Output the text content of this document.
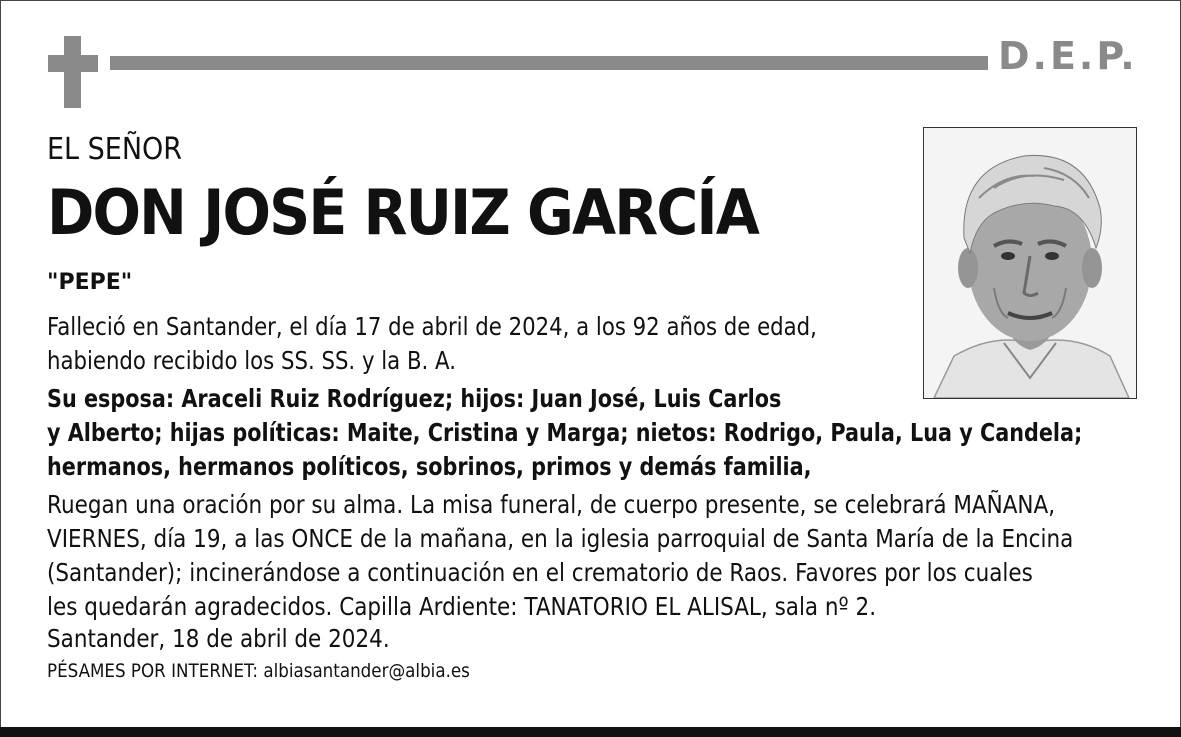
D.E.P.
EL SEÑOR
DON JOSÉ RUIZ GARCÍA
"PEPE"
Falleció en Santander, el día 17 de abril de 2024, a los 92 años de edad,
habiendo recibido los SS. SS. y la B. A.
Su esposa: Araceli Ruiz Rodríguez; hijos: Juan José, Luis Carlos
y Alberto; hijas políticas: Maite, Cristina y Marga; nietos: Rodrigo, Paula, Lua y Candela;
hermanos, hermanos políticos, sobrinos, primos y demás familia,
Ruegan una oración por su alma. La misa funeral, de cuerpo presente, se celebrará MAÑANA,
VIERNES, día 19, a las ONCE de la mañana, en la iglesia parroquial de Santa María de la Encina
(Santander); incinerándose a continuación en el crematorio de Raos. Favores por los cuales
les quedarán agradecidos. Capilla Ardiente: TANATORIO EL ALISAL, sala nº 2.
Santander, 18 de abril de 2024.
PÉSAMES POR INTERNET: albiasantander@albia.es
